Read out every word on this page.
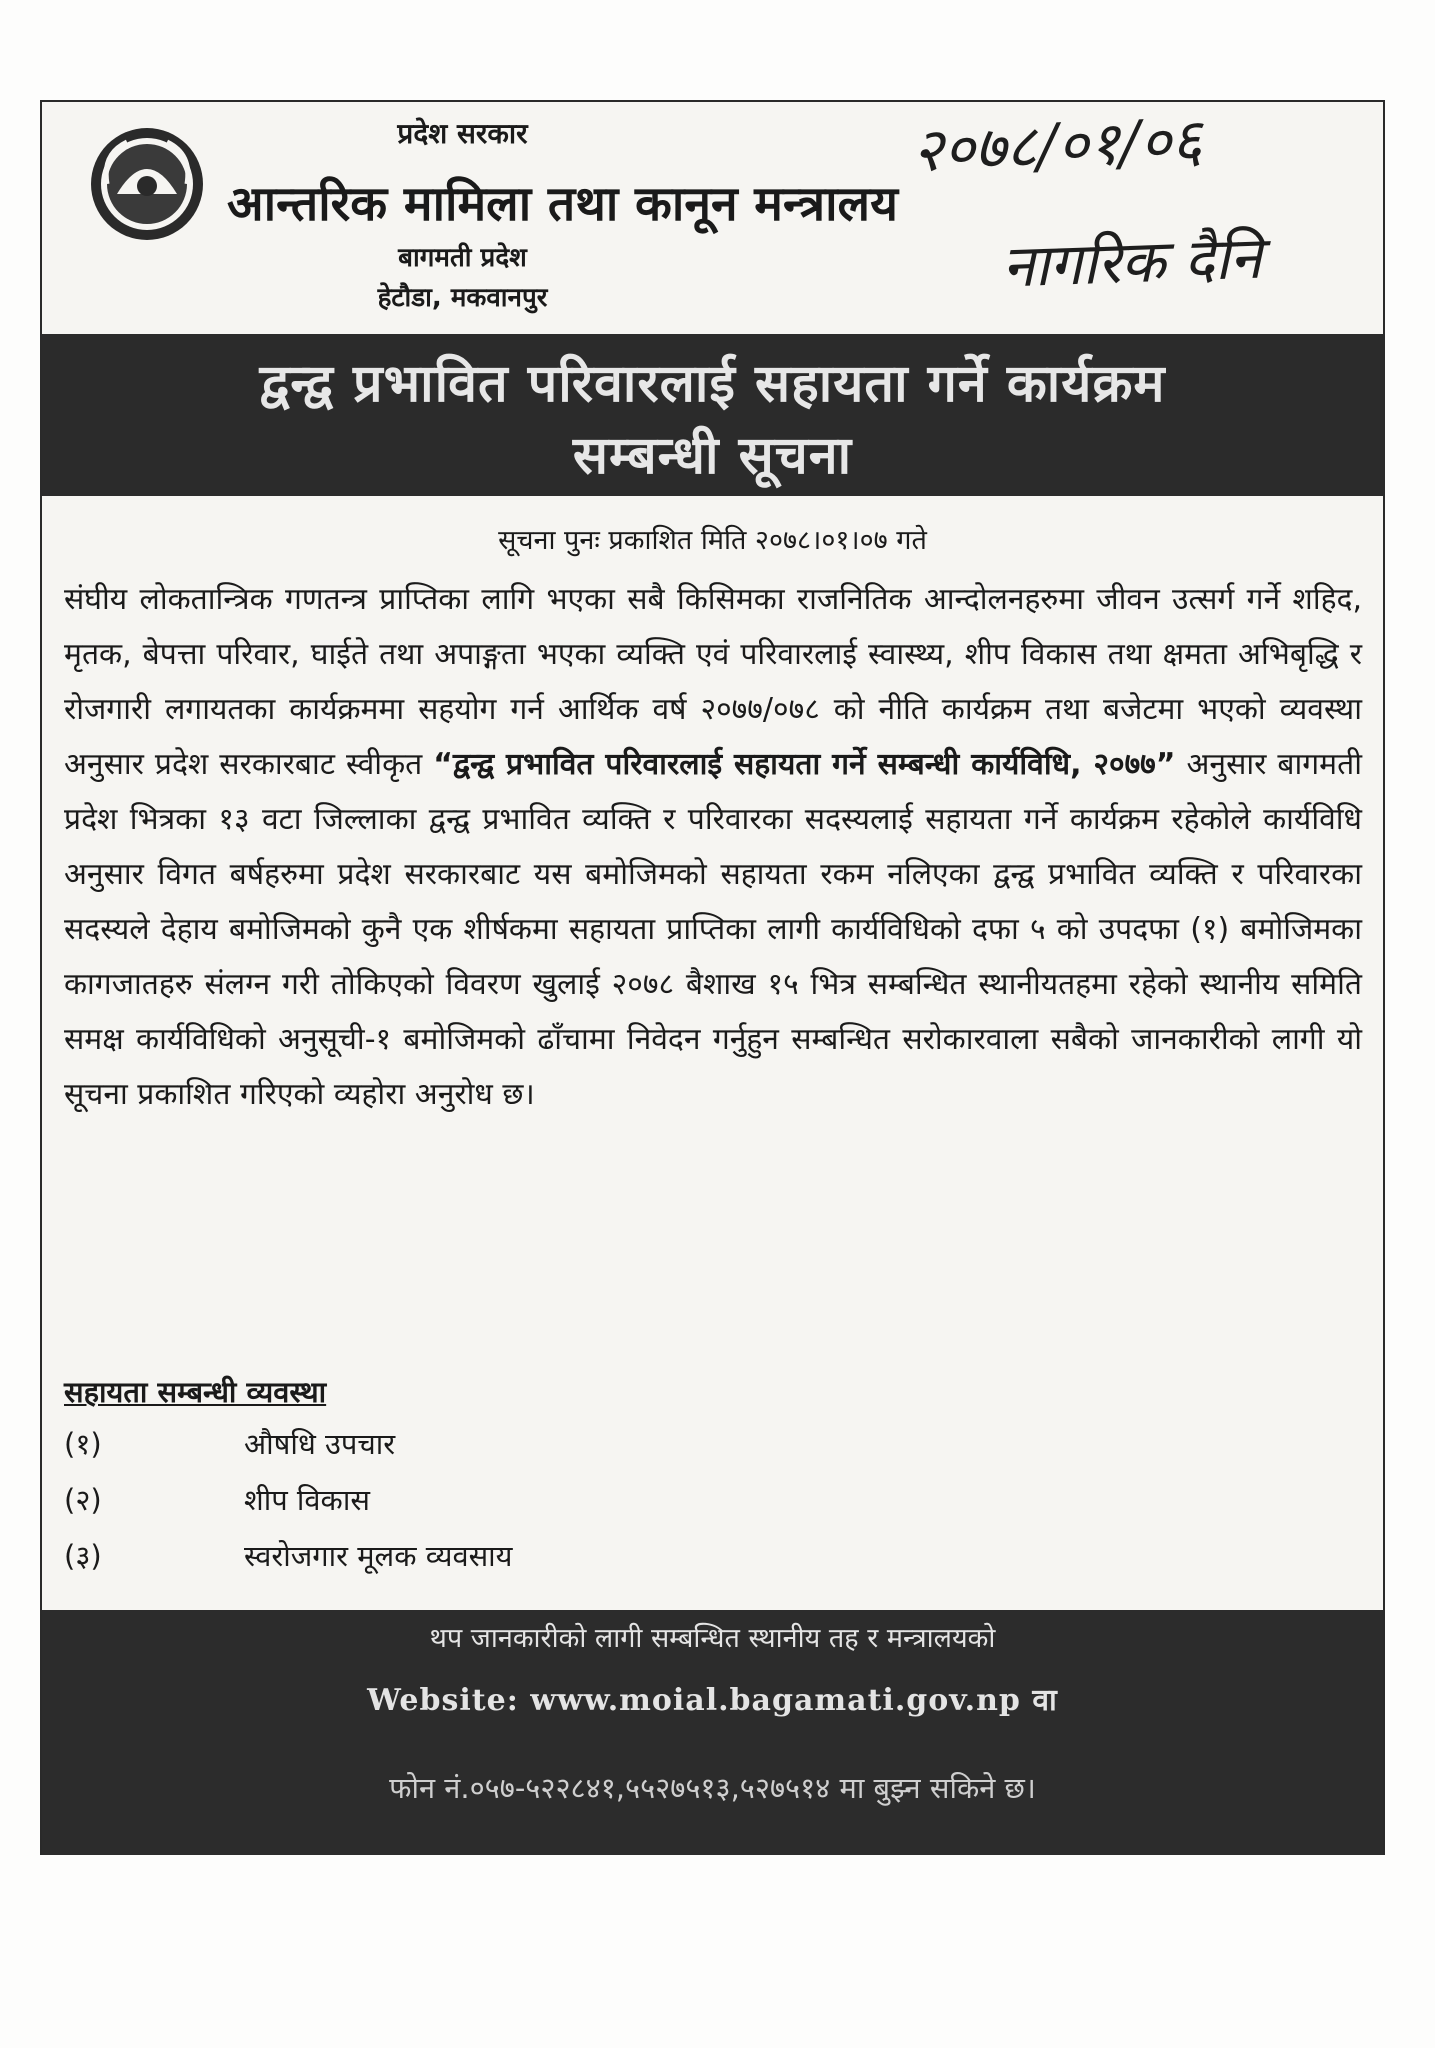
प्रदेश सरकार
आन्तरिक मामिला तथा कानून मन्त्रालय
बागमती प्रदेश
हेटौडा, मकवानपुर
२०७८/०१/०६
नागरिक दैनि
द्वन्द्व प्रभावित परिवारलाई सहायता गर्ने कार्यक्रम
सम्बन्धी सूचना
सूचना पुनः प्रकाशित मिति २०७८।०१।०७ गते
संघीय लोकतान्त्रिक गणतन्त्र प्राप्तिका लागि भएका सबै किसिमका राजनितिक आन्दोलनहरुमा जीवन उत्सर्ग गर्ने शहिद, मृतक, बेपत्ता परिवार, घाईते तथा अपाङ्गता भएका व्यक्ति एवं परिवारलाई स्वास्थ्य, शीप विकास तथा क्षमता अभिबृद्धि र रोजगारी लगायतका कार्यक्रममा सहयोग गर्न आर्थिक वर्ष २०७७/०७८ को नीति कार्यक्रम तथा बजेटमा भएको व्यवस्था अनुसार प्रदेश सरकारबाट स्वीकृत “द्वन्द्व प्रभावित परिवारलाई सहायता गर्ने सम्बन्धी कार्यविधि, २०७७” अनुसार बागमती प्रदेश भित्रका १३ वटा जिल्लाका द्वन्द्व प्रभावित व्यक्ति र परिवारका सदस्यलाई सहायता गर्ने कार्यक्रम रहेकोले कार्यविधि अनुसार विगत बर्षहरुमा प्रदेश सरकारबाट यस बमोजिमको सहायता रकम नलिएका द्वन्द्व प्रभावित व्यक्ति र परिवारका सदस्यले देहाय बमोजिमको कुनै एक शीर्षकमा सहायता प्राप्तिका लागी कार्यविधिको दफा ५ को उपदफा (१) बमोजिमका कागजातहरु संलग्न गरी तोकिएको विवरण खुलाई २०७८ बैशाख १५ भित्र सम्बन्धित स्थानीयतहमा रहेको स्थानीय समिति समक्ष कार्यविधिको अनुसूची-१ बमोजिमको ढाँचामा निवेदन गर्नुहुन सम्बन्धित सरोकारवाला सबैको जानकारीको लागी यो सूचना प्रकाशित गरिएको व्यहोरा अनुरोध छ।
सहायता सम्बन्धी व्यवस्था
(१)	औषधि उपचार
(२)	शीप विकास
(३)	स्वरोजगार मूलक व्यवसाय
थप जानकारीको लागी सम्बन्धित स्थानीय तह र मन्त्रालयको
Website: www.moial.bagamati.gov.np वा
फोन नं.०५७-५२२८४१,५५२७५१३,५२७५१४ मा बुझ्न सकिने छ।
